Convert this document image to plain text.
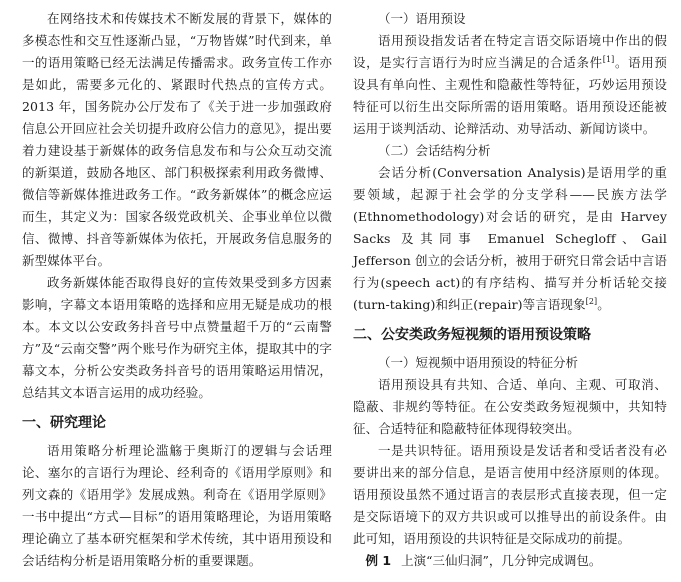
在网络技术和传媒技术不断发展的背景下，媒体的多模态性和交互性逐渐凸显，“万物皆媒”时代到来，单一的语用策略已经无法满足传播需求。政务宣传工作亦是如此，需要多元化的、紧跟时代热点的宣传方式。2013 年，国务院办公厅发布了《关于进一步加强政府信息公开回应社会关切提升政府公信力的意见》，提出要着力建设基于新媒体的政务信息发布和与公众互动交流的新渠道，鼓励各地区、部门积极探索利用政务微博、微信等新媒体推进政务工作。“政务新媒体”的概念应运而生，其定义为：国家各级党政机关、企事业单位以微信、微博、抖音等新媒体为依托，开展政务信息服务的新型媒体平台。

政务新媒体能否取得良好的宣传效果受到多方因素影响，字幕文本语用策略的选择和应用无疑是成功的根本。本文以公安政务抖音号中点赞量超千万的“云南警方”及“云南交警”两个账号作为研究主体，提取其中的字幕文本，分析公安类政务抖音号的语用策略运用情况，总结其文本语言运用的成功经验。

一、研究理论

语用策略分析理论滥觞于奥斯汀的逻辑与会话理论、塞尔的言语行为理论、经利奇的《语用学原则》和列文森的《语用学》发展成熟。利奇在《语用学原则》一书中提出“方式—目标”的语用策略理论，为语用策略理论确立了基本研究框架和学术传统，其中语用预设和会话结构分析是语用策略分析的重要课题。

（一）语用预设

语用预设指发话者在特定言语交际语境中作出的假设，是实行言语行为时应当满足的合适条件[1]。语用预设具有单向性、主观性和隐蔽性等特征，巧妙运用预设特征可以衍生出交际所需的语用策略。语用预设还能被运用于谈判活动、论辩活动、劝导活动、新闻访谈中。

（二）会话结构分析

会话分析(Conversation Analysis)是语用学的重要领域，起源于社会学的分支学科——民族方法学(Ethnomethodology)对会话的研究，是由 Harvey Sacks 及其同事 Emanuel Schegloff、Gail Jefferson 创立的会话分析，被用于研究日常会话中言语行为(speech act)的有序结构、描写并分析话轮交接(turn-taking)和纠正(repair)等言语现象[2]。

二、公安类政务短视频的语用预设策略
（一）短视频中语用预设的特征分析

语用预设具有共知、合适、单向、主观、可取消、隐蔽、非规约等特征。在公安类政务短视频中，共知特征、合适特征和隐蔽特征体现得较突出。

一是共识特征。语用预设是发话者和受话者没有必要讲出来的部分信息，是语言使用中经济原则的体现。语用预设虽然不通过语言的表层形式直接表现，但一定是交际语境下的双方共识或可以推导出的前设条件。由此可知，语用预设的共识特征是交际成功的前提。

例 1 上演“三仙归洞”，几分钟完成调包。
